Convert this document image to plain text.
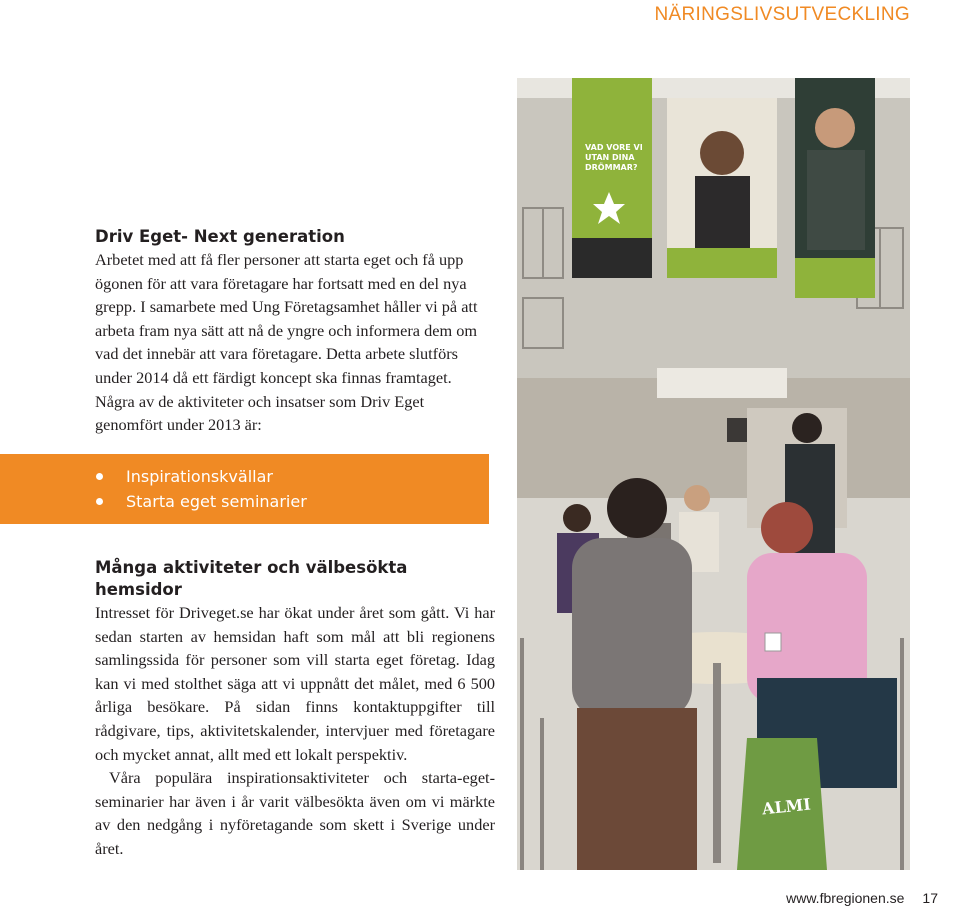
NÄRINGSLIVSUTVECKLING
Driv Eget- Next generation

Arbetet med att få fler personer att starta eget och få upp ögonen för att vara företagare har fortsatt med en del nya grepp. I samarbete med Ung Företagsamhet håller vi på att arbeta fram nya sätt att nå de yngre och informera dem om vad det innebär att vara företagare. Detta arbete slutförs under 2014 då ett färdigt koncept ska finnas framtaget. Några av de aktiviteter och insatser som Driv Eget genomfört under 2013 är:

Inspirationskvällar
Starta eget seminarier
Många aktiviteter och välbesökta hemsidor

Intresset för Driveget.se har ökat under året som gått. Vi har sedan starten av hemsidan haft som mål att bli regionens samlingssida för personer som vill starta eget företag. Idag kan vi med stolthet säga att vi uppnått det målet, med 6 500 årliga besökare. På sidan finns kontaktuppgifter till rådgivare, tips, aktivitetskalender, intervjuer med företagare och mycket annat, allt med ett lokalt perspektiv.

Våra populära inspirationsaktiviteter och starta-eget-seminarier har även i år varit välbesökta även om vi märkte av den nedgång i nyföretagande som skett i Sverige under året.

VAD VORE VI
UTAN DINA
DRÖMMAR?
ALMI
www.fbregionen.se 17
